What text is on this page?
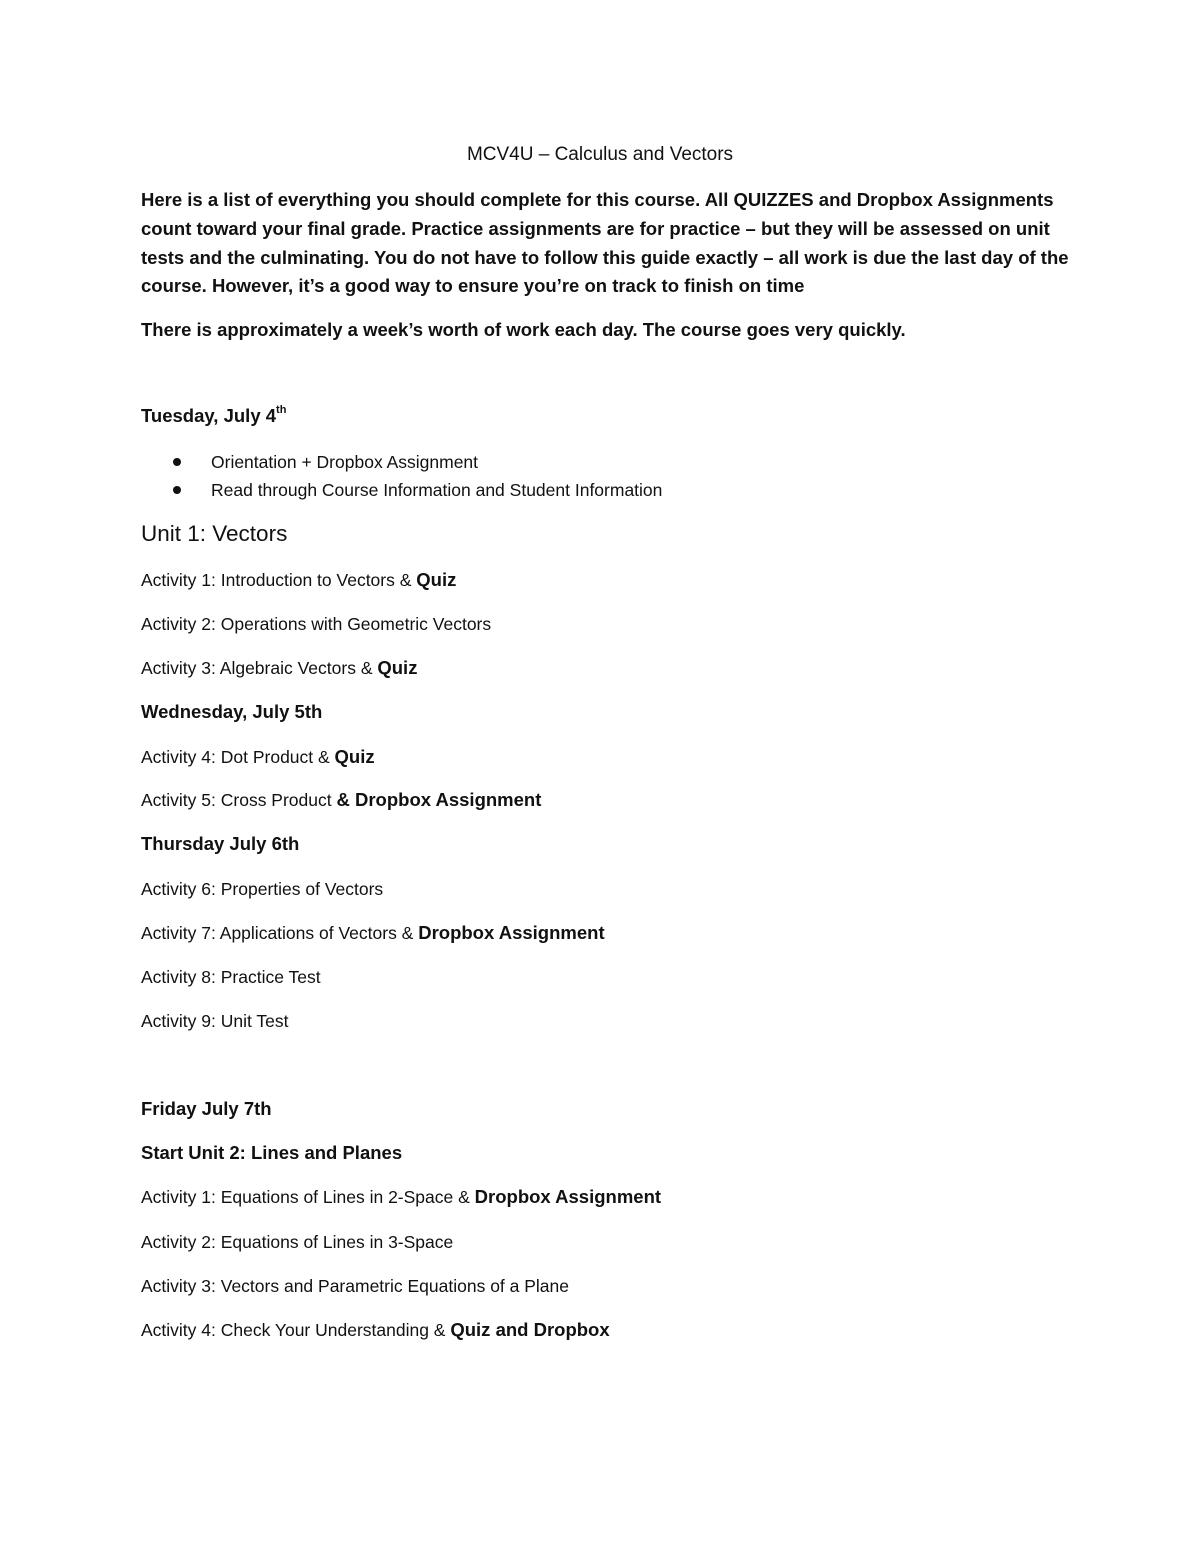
MCV4U – Calculus and Vectors

Here is a list of everything you should complete for this course. All QUIZZES and Dropbox Assignments count toward your final grade. Practice assignments are for practice – but they will be assessed on unit tests and the culminating. You do not have to follow this guide exactly – all work is due the last day of the course. However, it’s a good way to ensure you’re on track to finish on time

There is approximately a week’s worth of work each day. The course goes very quickly.

Tuesday, July 4th
Orientation + Dropbox Assignment
Read through Course Information and Student Information
Unit 1: Vectors
Activity 1: Introduction to Vectors & Quiz
Activity 2: Operations with Geometric Vectors
Activity 3: Algebraic Vectors & Quiz
Wednesday, July 5th
Activity 4: Dot Product & Quiz
Activity 5: Cross Product & Dropbox Assignment
Thursday July 6th
Activity 6: Properties of Vectors
Activity 7: Applications of Vectors & Dropbox Assignment
Activity 8: Practice Test
Activity 9: Unit Test
Friday July 7th
Start Unit 2: Lines and Planes
Activity 1: Equations of Lines in 2-Space & Dropbox Assignment
Activity 2: Equations of Lines in 3-Space
Activity 3: Vectors and Parametric Equations of a Plane
Activity 4: Check Your Understanding & Quiz and Dropbox
